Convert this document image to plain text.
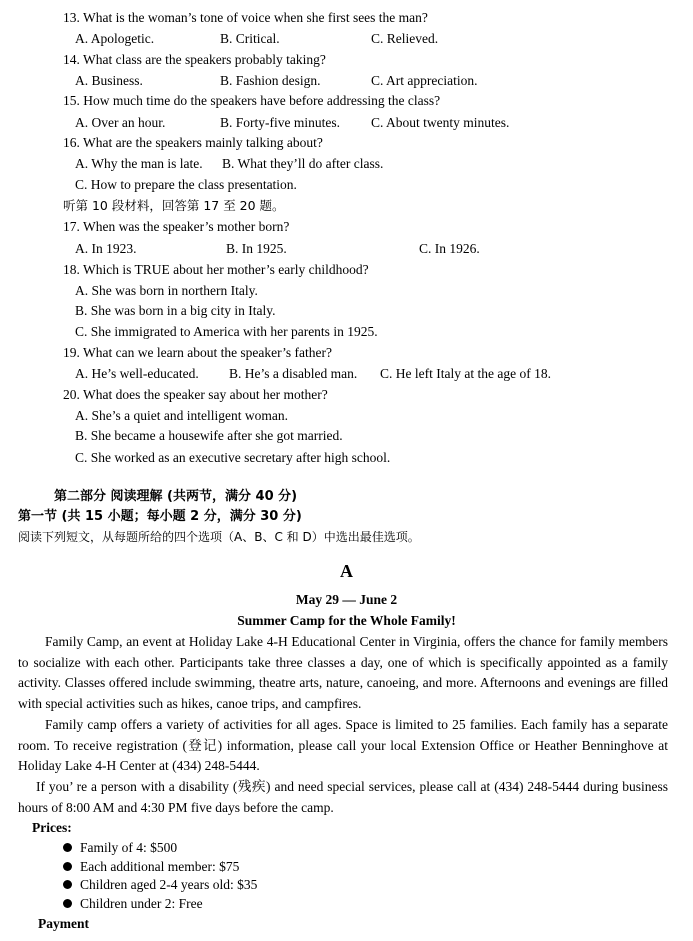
13. What is the woman’s tone of voice when she first sees the man?
A. Apologetic.	B. Critical.	C. Relieved.
14. What class are the speakers probably taking?
A. Business.	B. Fashion design.	C. Art appreciation.
15. How much time do the speakers have before addressing the class?
A. Over an hour.	B. Forty-five minutes. C. About twenty minutes.
16. What are the speakers mainly talking about?
A. Why the man is late. B. What they’ll do after class.
C. How to prepare the class presentation.
听第 10 段材料，回答第 17 至 20 题。
17. When was the speaker’s mother born?
A. In 1923.	B. In 1925.	C. In 1926.
18. Which is TRUE about her mother’s early childhood?
A. She was born in northern Italy.
B. She was born in a big city in Italy.
C. She immigrated to America with her parents in 1925.
19. What can we learn about the speaker’s father?
A. He’s well-educated. B. He’s a disabled man. C. He left Italy at the age of 18.
20. What does the speaker say about her mother?
A. She’s a quiet and intelligent woman.
B. She became a housewife after she got married.
C. She worked as an executive secretary after high school.
第二部分 阅读理解 (共两节，满分 40 分)
第一节 (共 15 小题；每小题 2 分，满分 30 分)
阅读下列短文，从每题所给的四个选项（A、B、C 和 D）中选出最佳选项。
A
May 29 — June 2
Summer Camp for the Whole Family!
Family Camp, an event at Holiday Lake 4-H Educational Center in Virginia, offers the chance for family members to socialize with each other. Participants take three classes a day, one of which is specifically appointed as a family activity. Classes offered include swimming, theatre arts, nature, canoeing, and more. Afternoons and evenings are filled with special activities such as hikes, canoe trips, and campfires.
Family camp offers a variety of activities for all ages. Space is limited to 25 families. Each family has a separate room. To receive registration (登记) information, please call your local Extension Office or Heather Benninghove at Holiday Lake 4-H Center at (434) 248-5444.
If you’ re a person with a disability (残疾) and need special services, please call at (434) 248-5444 during business hours of 8:00 AM and 4:30 PM five days before the camp.
Prices:
Family of 4: $500
Each additional member: $75
Children aged 2-4 years old: $35
Children under 2: Free
Payment
